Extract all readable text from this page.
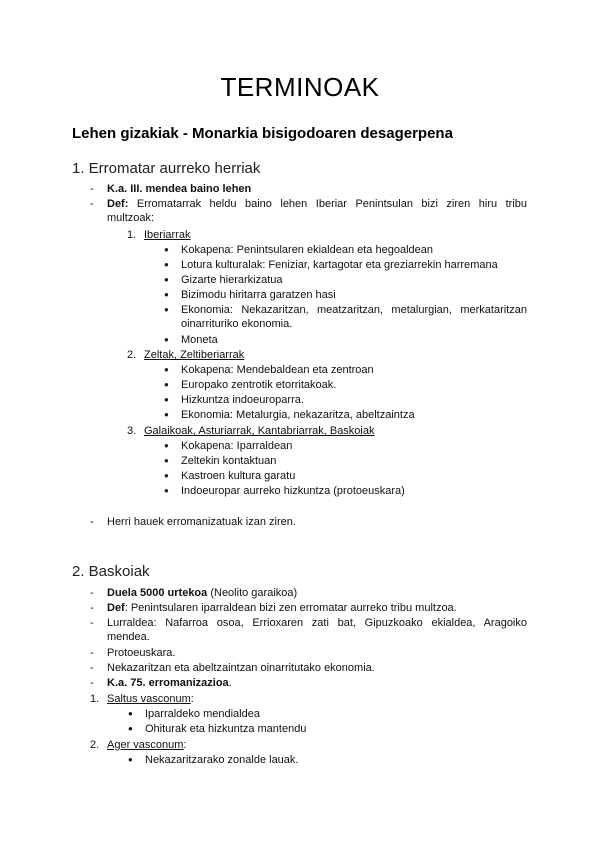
TERMINOAK
Lehen gizakiak - Monarkia bisigodoaren desagerpena
1. Erromatar aurreko herriak
- K.a. III. mendea baino lehen
- Def: Erromatarrak heldu baino lehen Iberiar Penintsulan bizi ziren hiru tribu
multzoak:
1. Iberiarrak
● Kokapena: Penintsularen ekialdean eta hegoaldean
● Lotura kulturalak: Feniziar, kartagotar eta greziarrekin harremana
● Gizarte hierarkizatua
● Bizimodu hiritarra garatzen hasi
● Ekonomia: Nekazaritzan, meatzaritzan, metalurgian, merkataritzan
oinarrituriko ekonomia.
● Moneta
2. Zeltak, Zeltiberiarrak
● Kokapena: Mendebaldean eta zentroan
● Europako zentrotik etorritakoak.
● Hizkuntza indoeuroparra.
● Ekonomia: Metalurgia, nekazaritza, abeltzaintza
3. Galaikoak, Asturiarrak, Kantabriarrak, Baskoiak
● Kokapena: Iparraldean
● Zeltekin kontaktuan
● Kastroen kultura garatu
● Indoeuropar aurreko hizkuntza (protoeuskara)
- Herri hauek erromanizatuak izan ziren.
2. Baskoiak
- Duela 5000 urtekoa (Neolito garaikoa)
- Def: Penintsularen iparraldean bizi zen erromatar aurreko tribu multzoa.
- Lurraldea: Nafarroa osoa, Errioxaren zati bat, Gipuzkoako ekialdea, Aragoiko
mendea.
- Protoeuskara.
- Nekazaritzan eta abeltzaintzan oinarritutako ekonomia.
- K.a. 75. erromanizazioa.
1. Saltus vasconum:
● Iparraldeko mendialdea
● Ohiturak eta hizkuntza mantendu
2. Ager vasconum:
● Nekazaritzarako zonalde lauak.
